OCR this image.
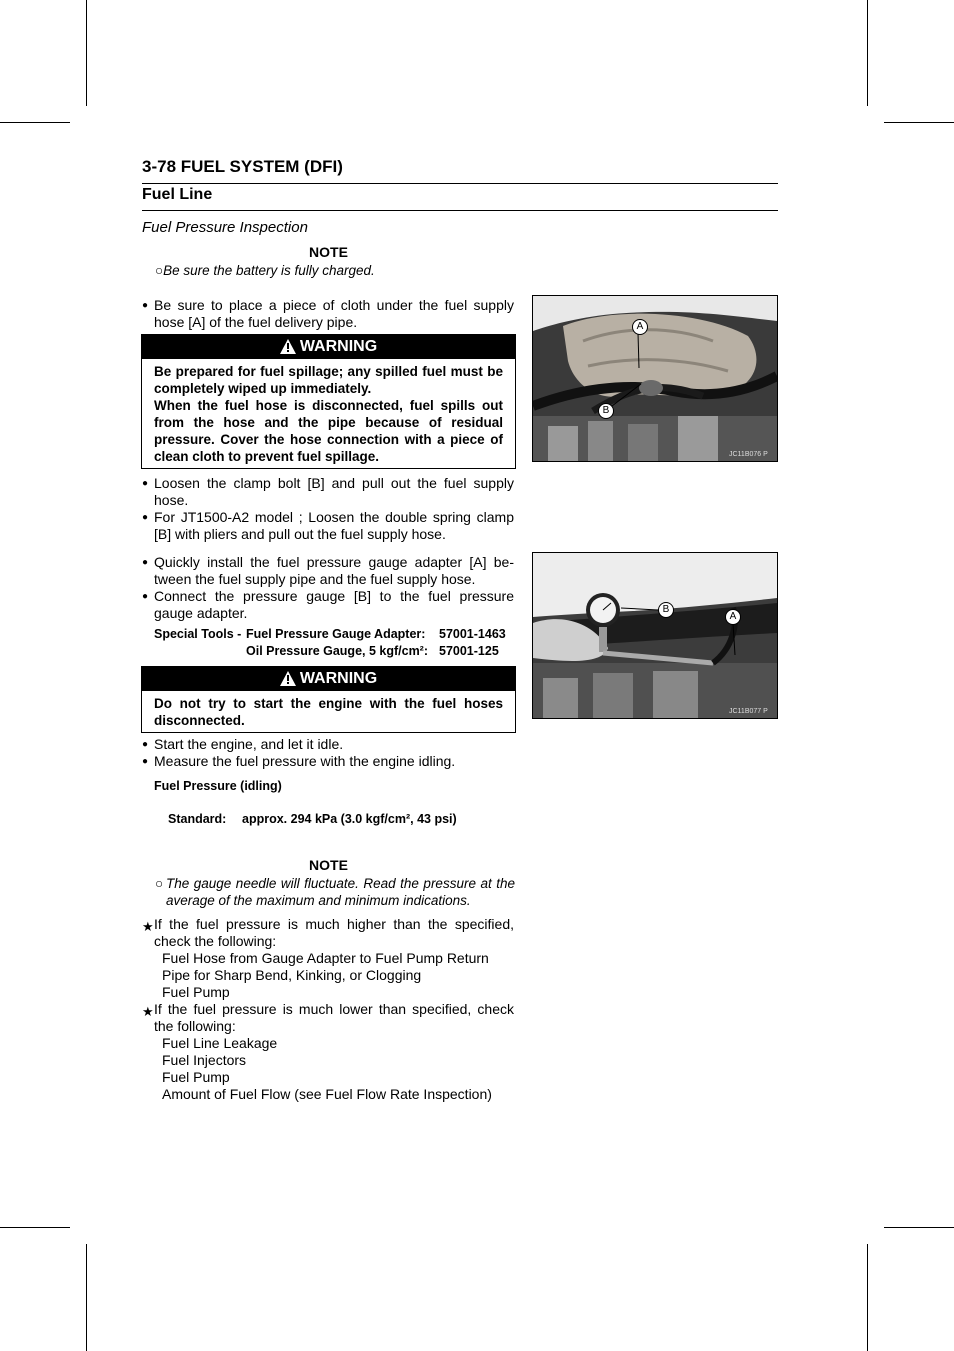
3-78 FUEL SYSTEM (DFI)
Fuel Line
Fuel Pressure Inspection
NOTE
○Be sure the battery is fully charged.
● Be sure to place a piece of cloth under the fuel supply hose [A] of the fuel delivery pipe.
WARNING
Be prepared for fuel spillage; any spilled fuel must be completely wiped up immediately.
When the fuel hose is disconnected, fuel spills out from the hose and the pipe because of residual pressure. Cover the hose connection with a piece of clean cloth to prevent fuel spillage.
● Loosen the clamp bolt [B] and pull out the fuel supply hose.
● For JT1500-A2 model ; Loosen the double spring clamp [B] with pliers and pull out the fuel supply hose.
● Quickly install the fuel pressure gauge adapter [A] be-tween the fuel supply pipe and the fuel supply hose.
● Connect the pressure gauge [B] to the fuel pressure gauge adapter.
Special Tools - Fuel Pressure Gauge Adapter:	57001-1463
Oil Pressure Gauge, 5 kgf/cm²: 57001-125
WARNING
Do not try to start the engine with the fuel hoses disconnected.
● Start the engine, and let it idle.
● Measure the fuel pressure with the engine idling.
Fuel Pressure (idling)
Standard:	approx. 294 kPa (3.0 kgf/cm², 43 psi)
NOTE
○ The gauge needle will fluctuate. Read the pressure at the average of the maximum and minimum indications.
★ If the fuel pressure is much higher than the specified, check the following:
Fuel Hose from Gauge Adapter to Fuel Pump Return Pipe for Sharp Bend, Kinking, or Clogging
Fuel Pump
★ If the fuel pressure is much lower than specified, check the following:
Fuel Line Leakage
Fuel Injectors
Fuel Pump
Amount of Fuel Flow (see Fuel Flow Rate Inspection)
A
B
JC11B076 P
B
A
JC11B077 P
